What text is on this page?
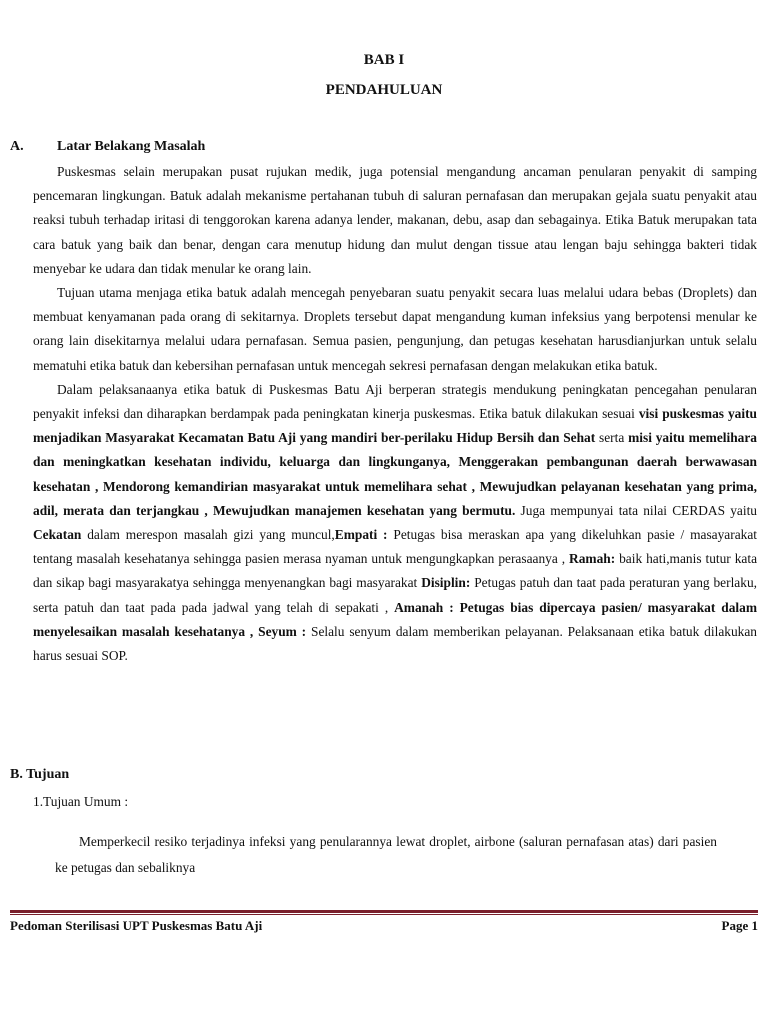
BAB I
PENDAHULUAN
A. Latar Belakang Masalah

Puskesmas selain merupakan pusat rujukan medik, juga potensial mengandung ancaman penularan penyakit di samping pencemaran lingkungan. Batuk adalah mekanisme pertahanan tubuh di saluran pernafasan dan merupakan gejala suatu penyakit atau reaksi tubuh terhadap iritasi di tenggorokan karena adanya lender, makanan, debu, asap dan sebagainya. Etika Batuk merupakan tata cara batuk yang baik dan benar, dengan cara menutup hidung dan mulut dengan tissue atau lengan baju sehingga bakteri tidak menyebar ke udara dan tidak menular ke orang lain.

Tujuan utama menjaga etika batuk adalah mencegah penyebaran suatu penyakit secara luas melalui udara bebas (Droplets) dan membuat kenyamanan pada orang di sekitarnya. Droplets tersebut dapat mengandung kuman infeksius yang berpotensi menular ke orang lain disekitarnya melalui udara pernafasan. Semua pasien, pengunjung, dan petugas kesehatan harusdianjurkan untuk selalu mematuhi etika batuk dan kebersihan pernafasan untuk mencegah sekresi pernafasan dengan melakukan etika batuk.

Dalam pelaksanaanya etika batuk di Puskesmas Batu Aji berperan strategis mendukung peningkatan pencegahan penularan penyakit infeksi dan diharapkan berdampak pada peningkatan kinerja puskesmas. Etika batuk dilakukan sesuai visi puskesmas yaitu menjadikan Masyarakat Kecamatan Batu Aji yang mandiri ber-perilaku Hidup Bersih dan Sehat serta misi yaitu memelihara dan meningkatkan kesehatan individu, keluarga dan lingkunganya, Menggerakan pembangunan daerah berwawasan kesehatan , Mendorong kemandirian masyarakat untuk memelihara sehat , Mewujudkan pelayanan kesehatan yang prima, adil, merata dan terjangkau , Mewujudkan manajemen kesehatan yang bermutu. Juga mempunyai tata nilai CERDAS yaitu Cekatan dalam merespon masalah gizi yang muncul,Empati : Petugas bisa meraskan apa yang dikeluhkan pasie / masayarakat tentang masalah kesehatanya sehingga pasien merasa nyaman untuk mengungkapkan perasaanya , Ramah: baik hati,manis tutur kata dan sikap bagi masyarakatya sehingga menyenangkan bagi masyarakat Disiplin: Petugas patuh dan taat pada peraturan yang berlaku, serta patuh dan taat pada pada jadwal yang telah di sepakati , Amanah : Petugas bias dipercaya pasien/ masyarakat dalam menyelesaikan masalah kesehatanya , Seyum : Selalu senyum dalam memberikan pelayanan. Pelaksanaan etika batuk dilakukan harus sesuai SOP.

B. Tujuan
1.Tujuan Umum :

Memperkecil resiko terjadinya infeksi yang penularannya lewat droplet, airbone (saluran pernafasan atas) dari pasien ke petugas dan sebaliknya

Pedoman Sterilisasi UPT Puskesmas Batu Aji	Page 1
